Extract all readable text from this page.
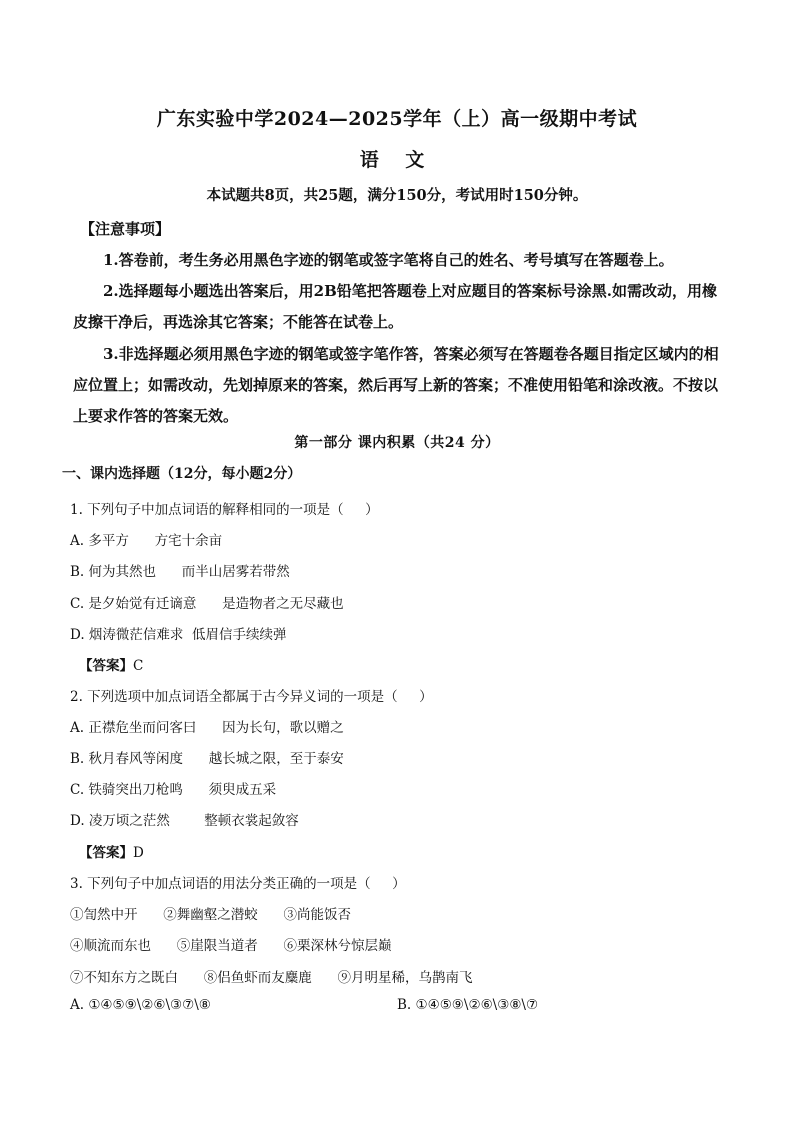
广东实验中学2024—2025学年（上）高一级期中考试
语 文
本试题共8页，共25题，满分150分，考试用时150分钟。
【注意事项】
1.答卷前，考生务必用黑色字迹的钢笔或签字笔将自己的姓名、考号填写在答题卷上。
2.选择题每小题选出答案后，用2B铅笔把答题卷上对应题目的答案标号涂黑.如需改动，用橡皮擦干净后，再选涂其它答案；不能答在试卷上。
3.非选择题必须用黑色字迹的钢笔或签字笔作答，答案必须写在答题卷各题目指定区域内的相应位置上；如需改动，先划掉原来的答案，然后再写上新的答案；不准使用铅笔和涂改液。不按以上要求作答的答案无效。
第一部分 课内积累（共24 分）
一、课内选择题（12分，每小题2分）
1. 下列句子中加点词语的解释相同的一项是（     ）
A. 多平方      方宅十余亩
B. 何为其然也      而半山居雾若带然
C. 是夕始觉有迁谪意      是造物者之无尽藏也
D. 烟涛微茫信难求  低眉信手续续弹
【答案】C
2. 下列选项中加点词语全都属于古今异义词的一项是（     ）
A. 正襟危坐而问客曰      因为长句，歌以赠之
B. 秋月春风等闲度      越长城之限，至于泰安
C. 铁骑突出刀枪鸣      须臾成五采
D. 凌万顷之茫然        整顿衣裳起敛容
【答案】D
3. 下列句子中加点词语的用法分类正确的一项是（     ）
①訇然中开      ②舞幽壑之潜蛟      ③尚能饭否
④顺流而东也      ⑤崖限当道者      ⑥栗深林兮惊层巅
⑦不知东方之既白      ⑧侣鱼虾而友麋鹿      ⑨月明星稀，乌鹊南飞
A. ①④⑤⑨\②⑥\③⑦\⑧	B. ①④⑤⑨\②⑥\③⑧\⑦
